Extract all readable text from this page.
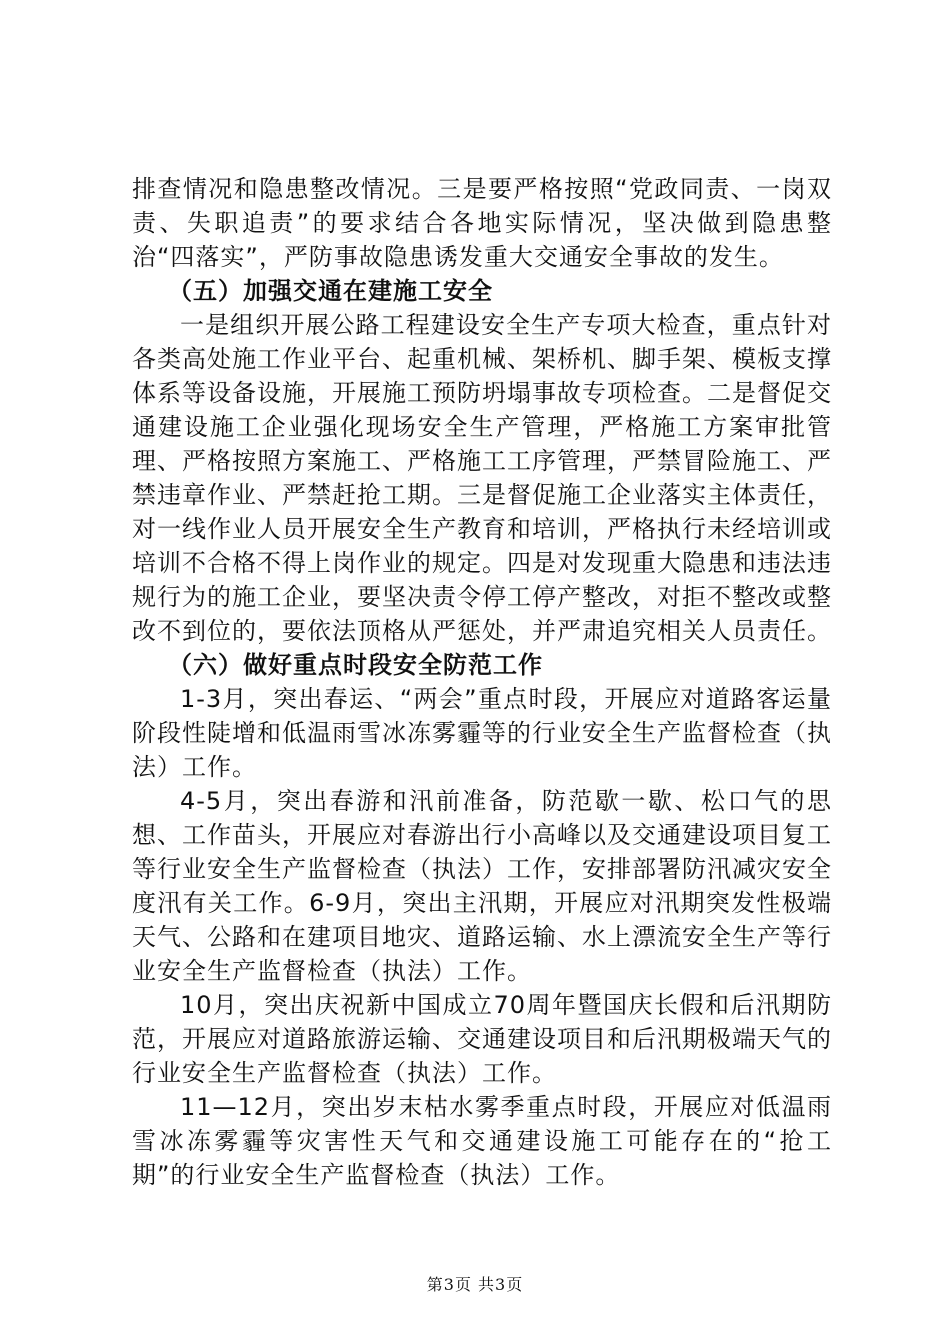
排查情况和隐患整改情况。三是要严格按照“党政同责、一岗双责、失职追责”的要求结合各地实际情况，坚决做到隐患整治“四落实”，严防事故隐患诱发重大交通安全事故的发生。

（五）加强交通在建施工安全

一是组织开展公路工程建设安全生产专项大检查，重点针对各类高处施工作业平台、起重机械、架桥机、脚手架、模板支撑体系等设备设施，开展施工预防坍塌事故专项检查。二是督促交通建设施工企业强化现场安全生产管理，严格施工方案审批管理、严格按照方案施工、严格施工工序管理，严禁冒险施工、严禁违章作业、严禁赶抢工期。三是督促施工企业落实主体责任，对一线作业人员开展安全生产教育和培训，严格执行未经培训或培训不合格不得上岗作业的规定。四是对发现重大隐患和违法违规行为的施工企业，要坚决责令停工停产整改，对拒不整改或整改不到位的，要依法顶格从严惩处，并严肃追究相关人员责任。

（六）做好重点时段安全防范工作

1-3月，突出春运、“两会”重点时段，开展应对道路客运量阶段性陡增和低温雨雪冰冻雾霾等的行业安全生产监督检查（执法）工作。

4-5月，突出春游和汛前准备，防范歇一歇、松口气的思想、工作苗头，开展应对春游出行小高峰以及交通建设项目复工等行业安全生产监督检查（执法）工作，安排部署防汛减灾安全度汛有关工作。6-9月，突出主汛期，开展应对汛期突发性极端天气、公路和在建项目地灾、道路运输、水上漂流安全生产等行业安全生产监督检查（执法）工作。

10月，突出庆祝新中国成立70周年暨国庆长假和后汛期防范，开展应对道路旅游运输、交通建设项目和后汛期极端天气的行业安全生产监督检查（执法）工作。

11—12月，突出岁末枯水雾季重点时段，开展应对低温雨雪冰冻雾霾等灾害性天气和交通建设施工可能存在的“抢工期”的行业安全生产监督检查（执法）工作。

第3页 共3页
